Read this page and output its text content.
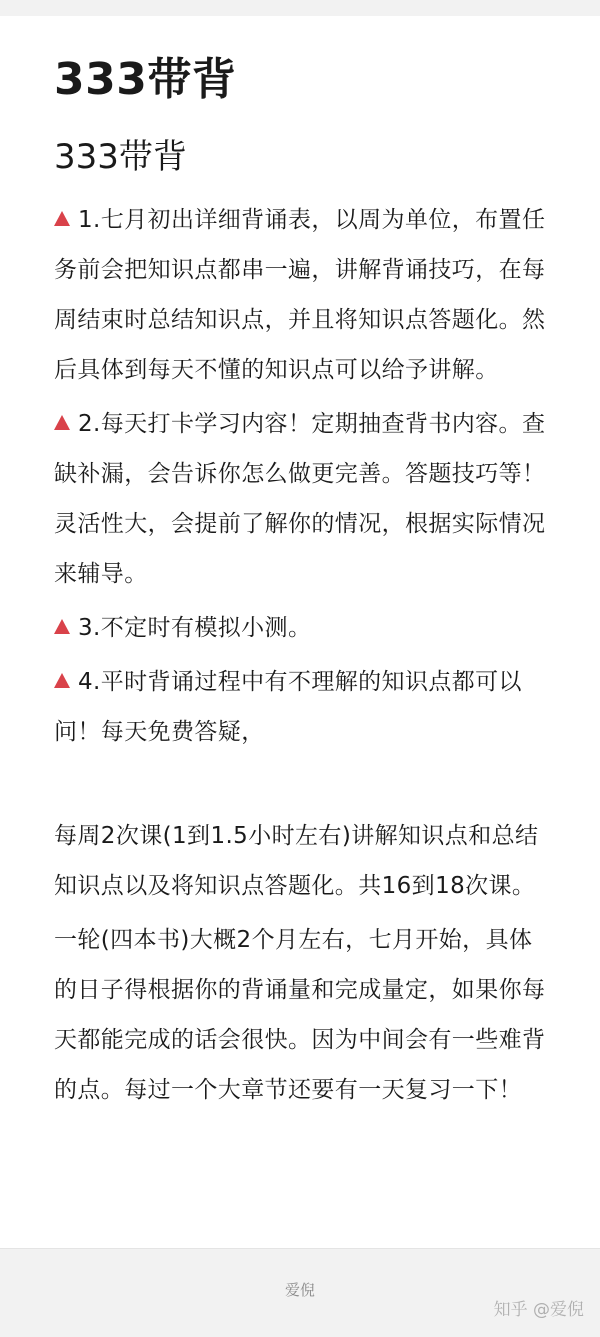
333带背
333带背

1.七月初出详细背诵表，以周为单位，布置任务前会把知识点都串一遍，讲解背诵技巧，在每周结束时总结知识点，并且将知识点答题化。然后具体到每天不懂的知识点可以给予讲解。

2.每天打卡学习内容！定期抽查背书内容。查缺补漏，会告诉你怎么做更完善。答题技巧等！灵活性大，会提前了解你的情况，根据实际情况来辅导。

3.不定时有模拟小测。

4.平时背诵过程中有不理解的知识点都可以问！每天免费答疑，

每周2次课(1到1.5小时左右)讲解知识点和总结知识点以及将知识点答题化。共16到18次课。

一轮(四本书)大概2个月左右，七月开始，具体的日子得根据你的背诵量和完成量定，如果你每天都能完成的话会很快。因为中间会有一些难背的点。每过一个大章节还要有一天复习一下！

爱倪
知乎 @爱倪
